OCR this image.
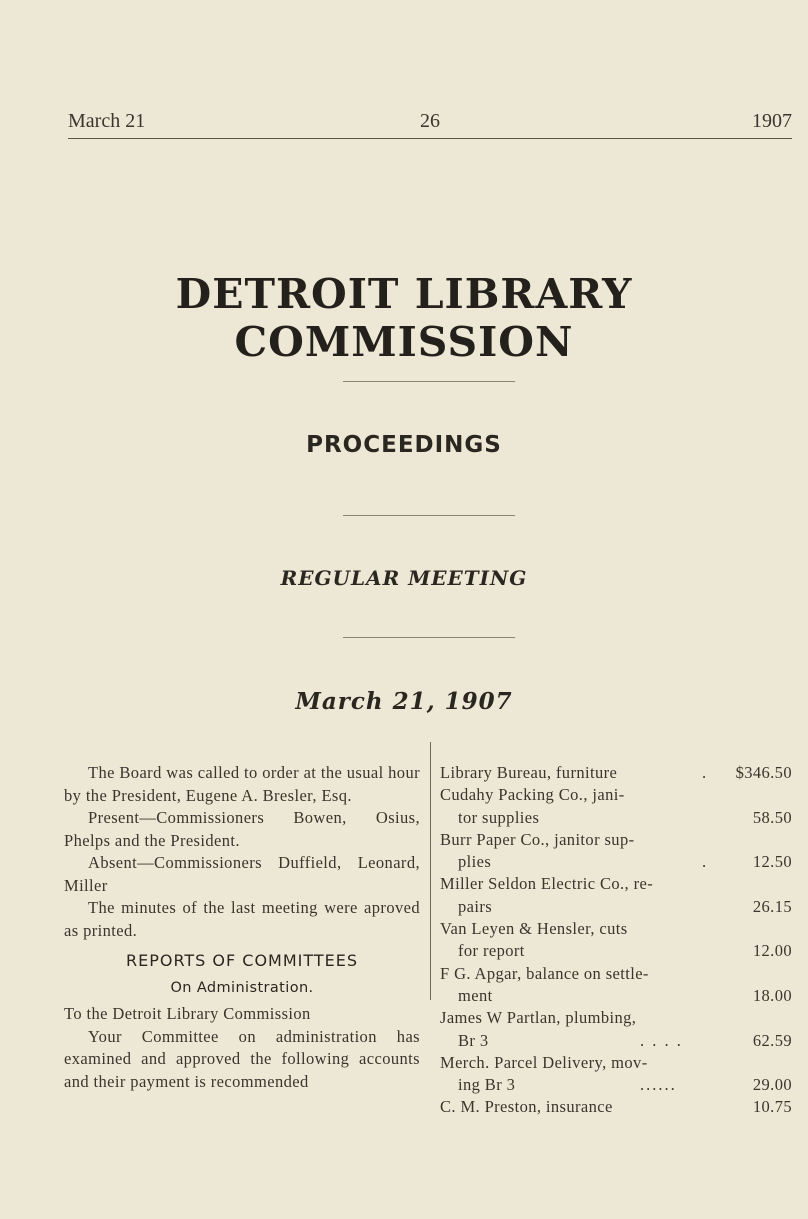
March 21	26	1907
DETROIT LIBRARY COMMISSION
PROCEEDINGS
REGULAR MEETING
March 21, 1907

The Board was called to order at the usual hour by the President, Eugene A. Bresler, Esq.

Present—Commissioners Bowen, Osius, Phelps and the President.

Absent—Commissioners Duffield, Leonard, Miller

The minutes of the last meeting were aproved as printed.

REPORTS OF COMMITTEES
On Administration.

To the Detroit Library Commission

Your Committee on administration has examined and approved the following accounts and their payment is recommended

Library Bureau, furniture	. $346.50
Cudahy Packing Co., jani-
tor supplies	58.50
Burr Paper Co., janitor sup-
plies	.	12.50
Miller Seldon Electric Co., re-
pairs	26.15
Van Leyen & Hensler, cuts
for report	12.00
F G. Apgar, balance on settle-
ment	18.00
James W Partlan, plumbing,
Br 3	. . . .	62.59
Merch. Parcel Delivery, mov-
ing Br 3	......	29.00
C. M. Preston, insurance	10.75
